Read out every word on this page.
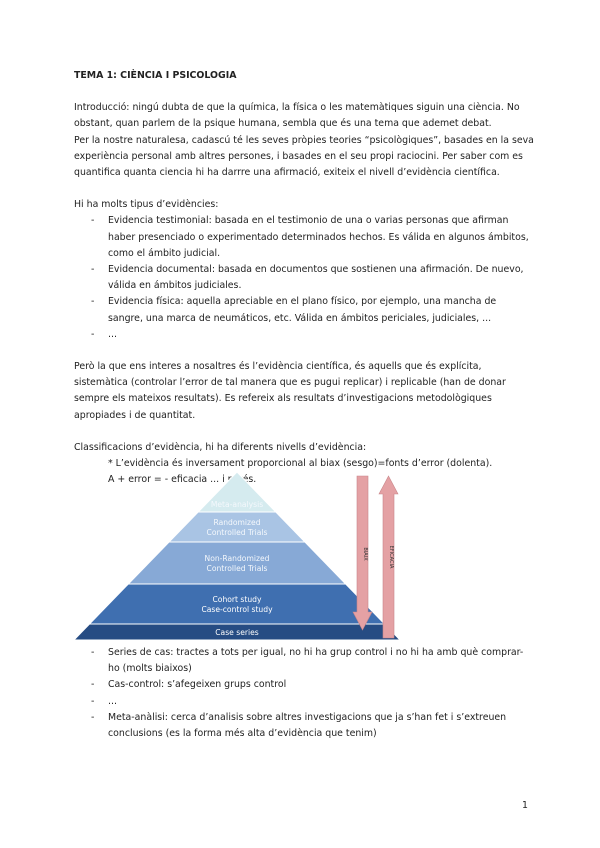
TEMA 1: CIÈNCIA I PSICOLOGIA

Introducció: ningú dubta de que la química, la física o les matemàtiques siguin una ciència. No obstant, quan parlem de la psique humana, sembla que és una tema que ademet debat.

Per la nostre naturalesa, cadascú té les seves pròpies teories “psicològiques”, basades en la seva experiència personal amb altres persones, i basades en el seu propi raciocini. Per saber com es quantifica quanta ciencia hi ha darrre una afirmació, exiteix el nivell d’evidència científica.

Hi ha molts tipus d’evidències:

- Evidencia testimonial: basada en el testimonio de una o varias personas que afirman haber presenciado o experimentado determinados hechos. Es válida en algunos ámbitos, como el ámbito judicial.
- Evidencia documental: basada en documentos que sostienen una afirmación. De nuevo, válida en ámbitos judiciales.
- Evidencia física: aquella apreciable en el plano físico, por ejemplo, una mancha de sangre, una marca de neumáticos, etc. Válida en ámbitos periciales, judiciales, ...
- ...

Però la que ens interes a nosaltres és l’evidència científica, és aquells que és explícita, sistemàtica (controlar l’error de tal manera que es pugui replicar) i replicable (han de donar sempre els mateixos resultats). Es refereix als resultats d’investigacions metodològiques apropiades i de quantitat.

Classificacions d’evidència, hi ha diferents nivells d’evidència:

* L’evidència és inversament proporcional al biax (sesgo)=fonts d’error (dolenta).

A + error = - eficacia ... i revés.

Meta-analysis
Randomized
Controlled Trials
Non-Randomized
Controlled Trials
Cohort study
Case-control study
Case series
BIAIX	EFICACIA
- Series de cas: tractes a tots per igual, no hi ha grup control i no hi ha amb què comprar-ho (molts biaixos)
- Cas-control: s’afegeixen grups control
- ...
- Meta-anàlisi: cerca d’analisis sobre altres investigacions que ja s’han fet i s’extreuen conclusions (es la forma més alta d’evidència que tenim)
1
